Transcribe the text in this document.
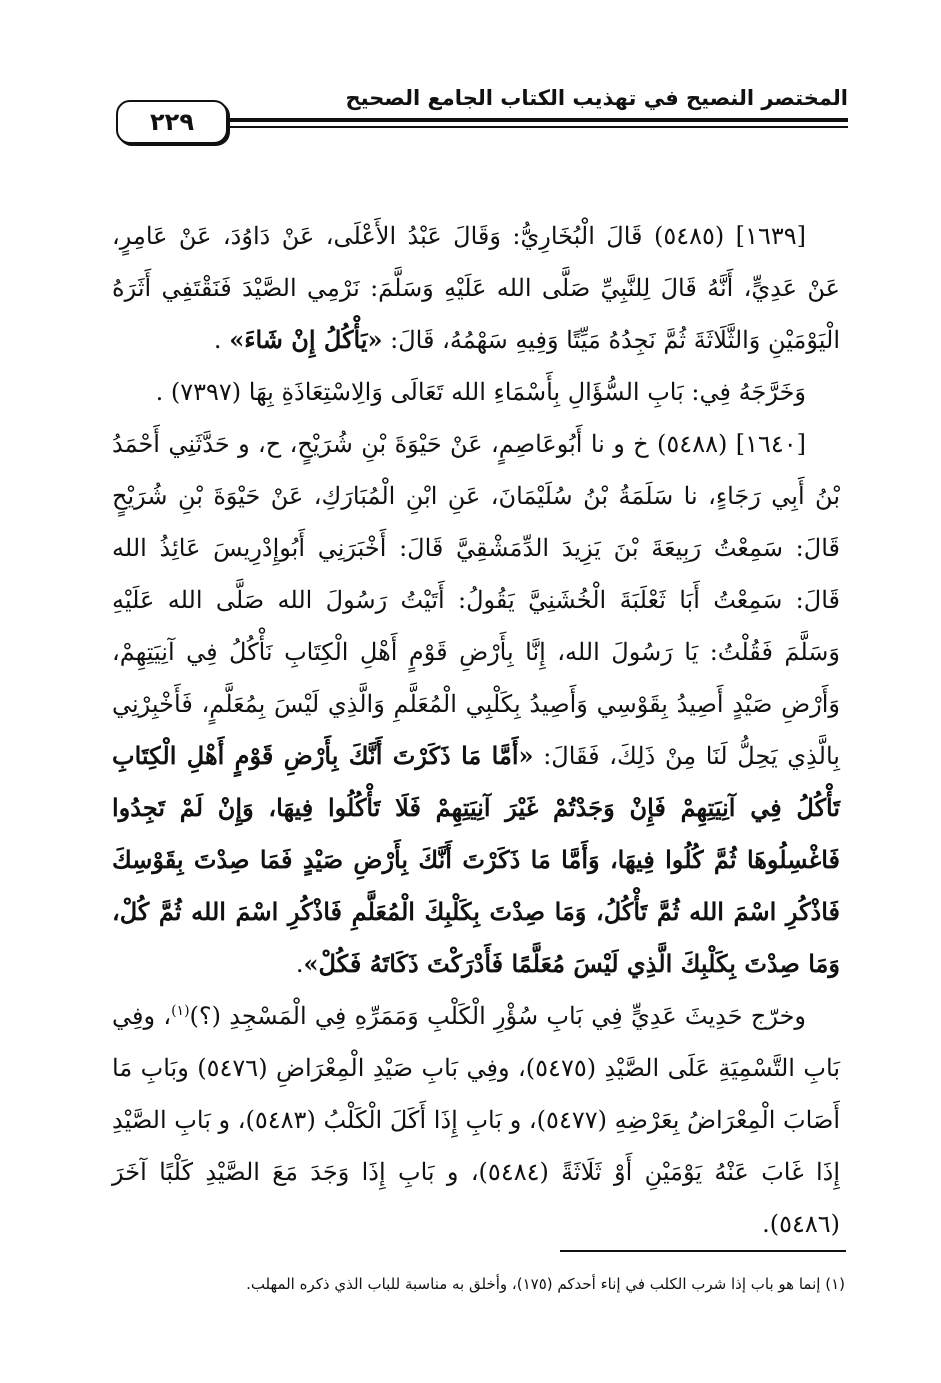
المختصر النصيح في تهذيب الكتاب الجامع الصحيح
٢٢٩

[١٦٣٩] (٥٤٨٥) قَالَ الْبُخَارِيُّ: وَقَالَ عَبْدُ الأَعْلَى، عَنْ دَاوُدَ، عَنْ عَامِرٍ، عَنْ عَدِيٍّ، أَنَّهُ قَالَ لِلنَّبِيِّ صَلَّى الله عَلَيْهِ وَسَلَّمَ: نَرْمِي الصَّيْدَ فَنَقْتَفِي أَثَرَهُ الْيَوْمَيْنِ وَالثَّلَاثَةَ ثُمَّ نَجِدُهُ مَيِّتًا وَفِيهِ سَهْمُهُ، قَالَ: «يَأْكُلُ إِنْ شَاءَ» .

وَخَرَّجَهُ فِي: بَابِ السُّؤَالِ بِأَسْمَاءِ الله تَعَالَى وَالِاسْتِعَاذَةِ بِهَا (٧٣٩٧) .

[١٦٤٠] (٥٤٨٨) خ و نا أَبُوعَاصِمٍ، عَنْ حَيْوَةَ بْنِ شُرَيْحٍ، ح، و حَدَّثَنِي أَحْمَدُ بْنُ أَبِي رَجَاءٍ، نا سَلَمَةُ بْنُ سُلَيْمَانَ، عَنِ ابْنِ الْمُبَارَكِ، عَنْ حَيْوَةَ بْنِ شُرَيْحٍ قَالَ: سَمِعْتُ رَبِيعَةَ بْنَ يَزِيدَ الدِّمَشْقِيَّ قَالَ: أَخْبَرَنِي أَبُوإِدْرِيسَ عَائِذُ الله قَالَ: سَمِعْتُ أَبَا ثَعْلَبَةَ الْخُشَنِيَّ يَقُولُ: أَتَيْتُ رَسُولَ الله صَلَّى الله عَلَيْهِ وَسَلَّمَ فَقُلْتُ: يَا رَسُولَ الله، إِنَّا بِأَرْضِ قَوْمٍ أَهْلِ الْكِتَابِ نَأْكُلُ فِي آنِيَتِهِمْ، وَأَرْضِ صَيْدٍ أَصِيدُ بِقَوْسِي وَأَصِيدُ بِكَلْبِي الْمُعَلَّمِ وَالَّذِي لَيْسَ بِمُعَلَّمٍ، فَأَخْبِرْنِي بِالَّذِي يَحِلُّ لَنَا مِنْ ذَلِكَ، فَقَالَ: «أَمَّا مَا ذَكَرْتَ أَنَّكَ بِأَرْضِ قَوْمٍ أَهْلِ الْكِتَابِ تَأْكُلُ فِي آنِيَتِهِمْ فَإِنْ وَجَدْتُمْ غَيْرَ آنِيَتِهِمْ فَلَا تَأْكُلُوا فِيهَا، وَإِنْ لَمْ تَجِدُوا فَاغْسِلُوهَا ثُمَّ كُلُوا فِيهَا، وَأَمَّا مَا ذَكَرْتَ أَنَّكَ بِأَرْضِ صَيْدٍ فَمَا صِدْتَ بِقَوْسِكَ فَاذْكُرِ اسْمَ الله ثُمَّ تَأْكُلُ، وَمَا صِدْتَ بِكَلْبِكَ الْمُعَلَّمِ فَاذْكُرِ اسْمَ الله ثُمَّ كُلْ، وَمَا صِدْتَ بِكَلْبِكَ الَّذِي لَيْسَ مُعَلَّمًا فَأَدْرَكْتَ ذَكَاتَهُ فَكُلْ».

وخرّج حَدِيثَ عَدِيٍّ فِي بَابِ سُؤْرِ الْكَلْبِ وَمَمَرِّهِ فِي الْمَسْجِدِ (؟)$^{(١)}$، وفِي بَابِ التَّسْمِيَةِ عَلَى الصَّيْدِ (٥٤٧٥)، وفِي بَابِ صَيْدِ الْمِعْرَاضِ (٥٤٧٦) وبَابِ مَا أَصَابَ الْمِعْرَاضُ بِعَرْضِهِ (٥٤٧٧)، و بَابِ إِذَا أَكَلَ الْكَلْبُ (٥٤٨٣)، و بَابِ الصَّيْدِ إِذَا غَابَ عَنْهُ يَوْمَيْنِ أَوْ ثَلَاثَةً (٥٤٨٤)، و بَابِ إِذَا وَجَدَ مَعَ الصَّيْدِ كَلْبًا آخَرَ (٥٤٨٦).

(١) إنما هو باب إذا شرب الكلب في إناء أحدكم (١٧٥)، وأخلق به مناسبة للباب الذي ذكره المهلب.
